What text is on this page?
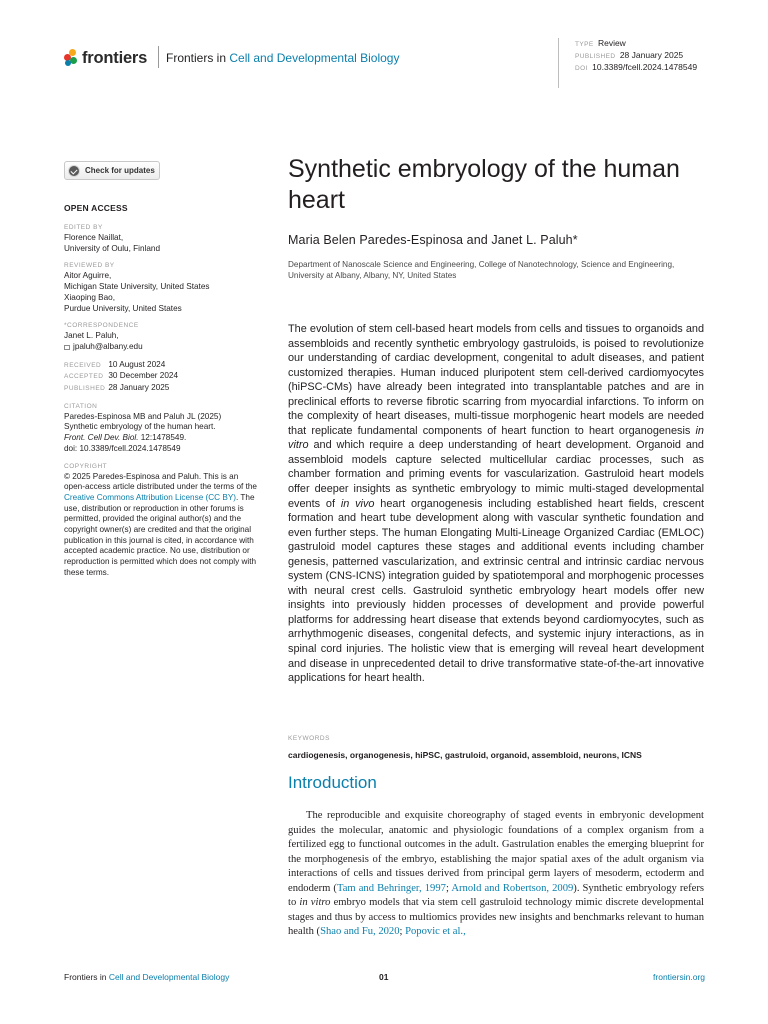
frontiers Frontiers in Cell and Developmental Biology
TYPE Review
PUBLISHED 28 January 2025
DOI 10.3389/fcell.2024.1478549
Check for updates
OPEN ACCESS
EDITED BY
Florence Naillat,
University of Oulu, Finland
REVIEWED BY
Aitor Aguirre,
Michigan State University, United States
Xiaoping Bao,
Purdue University, United States
*CORRESPONDENCE
Janet L. Paluh,
jpaluh@albany.edu
RECEIVED	10 August 2024
ACCEPTED	30 December 2024
PUBLISHED	28 January 2025
CITATION
Paredes-Espinosa MB and Paluh JL (2025)
Synthetic embryology of the human heart.
Front. Cell Dev. Biol. 12:1478549.
doi: 10.3389/fcell.2024.1478549
COPYRIGHT
© 2025 Paredes-Espinosa and Paluh. This is an open-access article distributed under the terms of the Creative Commons Attribution License (CC BY). The use, distribution or reproduction in other forums is permitted, provided the original author(s) and the copyright owner(s) are credited and that the original publication in this journal is cited, in accordance with accepted academic practice. No use, distribution or reproduction is permitted which does not comply with these terms.
Synthetic embryology of the human heart
Maria Belen Paredes-Espinosa and Janet L. Paluh*
Department of Nanoscale Science and Engineering, College of Nanotechnology, Science and Engineering, University at Albany, Albany, NY, United States
The evolution of stem cell-based heart models from cells and tissues to organoids and assembloids and recently synthetic embryology gastruloids, is poised to revolutionize our understanding of cardiac development, congenital to adult diseases, and patient customized therapies. Human induced pluripotent stem cell-derived cardiomyocytes (hiPSC-CMs) have already been integrated into transplantable patches and are in preclinical efforts to reverse fibrotic scarring from myocardial infarctions. To inform on the complexity of heart diseases, multi-tissue morphogenic heart models are needed that replicate fundamental components of heart function to heart organogenesis in vitro and which require a deep understanding of heart development. Organoid and assembloid models capture selected multicellular cardiac processes, such as chamber formation and priming events for vascularization. Gastruloid heart models offer deeper insights as synthetic embryology to mimic multi-staged developmental events of in vivo heart organogenesis including established heart fields, crescent formation and heart tube development along with vascular synthetic foundation and even further steps. The human Elongating Multi-Lineage Organized Cardiac (EMLOC) gastruloid model captures these stages and additional events including chamber genesis, patterned vascularization, and extrinsic central and intrinsic cardiac nervous system (CNS-ICNS) integration guided by spatiotemporal and morphogenic processes with neural crest cells. Gastruloid synthetic embryology heart models offer new insights into previously hidden processes of development and provide powerful platforms for addressing heart disease that extends beyond cardiomyocytes, such as arrhythmogenic diseases, congenital defects, and systemic injury interactions, as in spinal cord injuries. The holistic view that is emerging will reveal heart development and disease in unprecedented detail to drive transformative state-of-the-art innovative applications for heart health.
KEYWORDS
cardiogenesis, organogenesis, hiPSC, gastruloid, organoid, assembloid, neurons, ICNS
Introduction
The reproducible and exquisite choreography of staged events in embryonic development guides the molecular, anatomic and physiologic foundations of a complex organism from a fertilized egg to functional outcomes in the adult. Gastrulation enables the emerging blueprint for the morphogenesis of the embryo, establishing the major spatial axes of the adult organism via interactions of cells and tissues derived from principal germ layers of mesoderm, ectoderm and endoderm (Tam and Behringer, 1997; Arnold and Robertson, 2009). Synthetic embryology refers to in vitro embryo models that via stem cell gastruloid technology mimic discrete developmental stages and thus by access to multiomics provides new insights and benchmarks relevant to human health (Shao and Fu, 2020; Popovic et al.,
Frontiers in Cell and Developmental Biology	01	frontiersin.org
